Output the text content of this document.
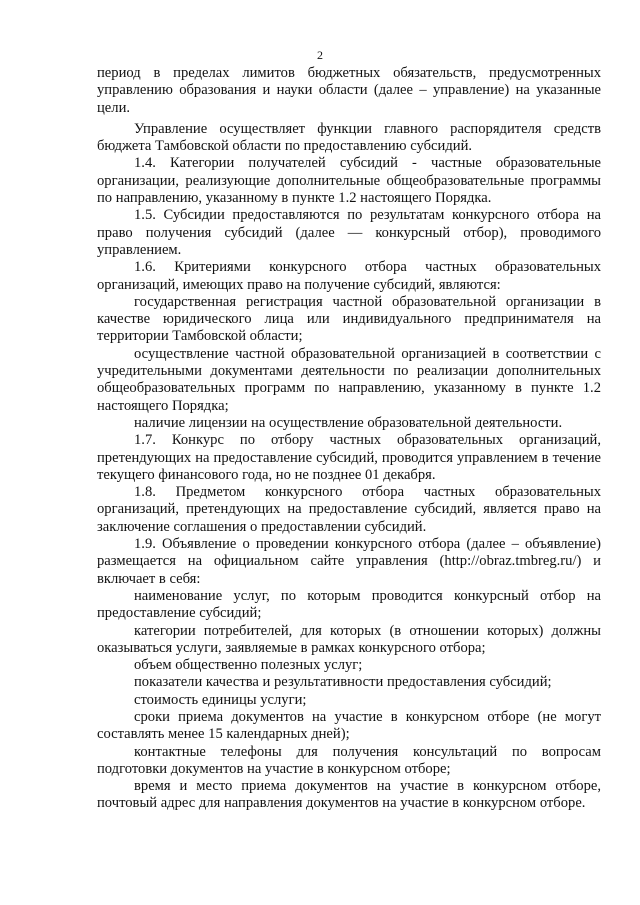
2

период в пределах лимитов бюджетных обязательств, предусмотренных управлению образования и науки области (далее – управление) на указанные цели.

Управление осуществляет функции главного распорядителя средств бюджета Тамбовской области по предоставлению субсидий.

1.4. Категории получателей субсидий - частные образовательные организации, реализующие дополнительные общеобразовательные программы по направлению, указанному в пункте 1.2 настоящего Порядка.

1.5. Субсидии предоставляются по результатам конкурсного отбора на право получения субсидий (далее — конкурсный отбор), проводимого управлением.

1.6. Критериями конкурсного отбора частных образовательных организаций, имеющих право на получение субсидий, являются:

государственная регистрация частной образовательной организации в качестве юридического лица или индивидуального предпринимателя на территории Тамбовской области;

осуществление частной образовательной организацией в соответствии с учредительными документами деятельности по реализации дополнительных общеобразовательных программ по направлению, указанному в пункте 1.2 настоящего Порядка;

наличие лицензии на осуществление образовательной деятельности.

1.7. Конкурс по отбору частных образовательных организаций, претендующих на предоставление субсидий, проводится управлением в течение текущего финансового года, но не позднее 01 декабря.

1.8. Предметом конкурсного отбора частных образовательных организаций, претендующих на предоставление субсидий, является право на заключение соглашения о предоставлении субсидий.

1.9. Объявление о проведении конкурсного отбора (далее – объявление) размещается на официальном сайте управления (http://obraz.tmbreg.ru/) и включает в себя:

наименование услуг, по которым проводится конкурсный отбор на предоставление субсидий;

категории потребителей, для которых (в отношении которых) должны оказываться услуги, заявляемые в рамках конкурсного отбора;

объем общественно полезных услуг;

показатели качества и результативности предоставления субсидий;

стоимость единицы услуги;

сроки приема документов на участие в конкурсном отборе (не могут составлять менее 15 календарных дней);

контактные телефоны для получения консультаций по вопросам подготовки документов на участие в конкурсном отборе;

время и место приема документов на участие в конкурсном отборе, почтовый адрес для направления документов на участие в конкурсном отборе.
